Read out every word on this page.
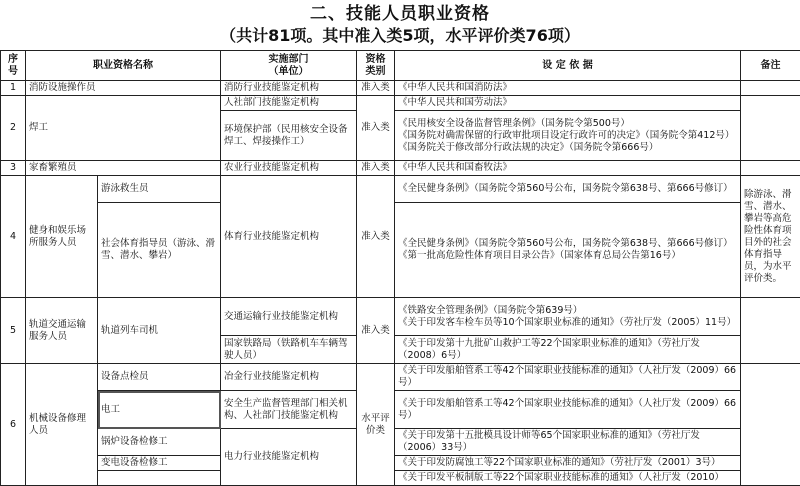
二、技能人员职业资格
（共计81项。其中准入类5项，水平评价类76项）
序号	职业资格名称		实施部门
（单位）	资格
类别	设 定 依 据	备注
1	消防设施操作员		消防行业技能鉴定机构	准入类	《中华人民共和国消防法》	
2	焊工		人社部门技能鉴定机构	准入类	《中华人民共和国劳动法》	
			环境保护部（民用核安全设备焊工、焊接操作工）		《民用核安全设备监督管理条例》（国务院令第500号）
《国务院对确需保留的行政审批项目设定行政许可的决定》（国务院令第412号）
《国务院关于修改部分行政法规的决定》（国务院令第666号）	

3	家畜繁殖员		农业行业技能鉴定机构	准入类	《中华人民共和国畜牧法》	
4	健身和娱乐场所服务人员	游泳救生员	体育行业技能鉴定机构	准入类	《全民健身条例》（国务院令第560号公布，国务院令第638号、第666号修订）	除游泳、滑雪、潜水、攀岩等高危险性体育项目外的社会体育指导员，为水平评价类。
		社会体育指导员（游泳、滑雪、潜水、攀岩）			《全民健身条例》（国务院令第560号公布，国务院令第638号、第666号修订）
《第一批高危险性体育项目目录公告》（国家体育总局公告第16号）	

5	轨道交通运输服务人员	轨道列车司机	交通运输行业技能鉴定机构	准入类	《铁路安全管理条例》（国务院令第639号）
《关于印发客车检车员等10个国家职业标准的通知》（劳社厅发（2005）11号）	

			国家铁路局（铁路机车车辆驾驶人员）		《关于印发第十九批矿山救护工等22个国家职业标准的通知》（劳社厅发（2008）6号）	
6	机械设备修理人员	设备点检员	冶金行业技能鉴定机构	水平评价类	《关于印发船舶管系工等42个国家职业技能标准的通知》（人社厅发（2009）66号）	
		电工	安全生产监督管理部门相关机构、人社部门技能鉴定机构		《关于印发船舶管系工等42个国家职业技能标准的通知》（人社厅发（2009）66号）	
		锅炉设备检修工	电力行业技能鉴定机构		《关于印发第十五批模具设计师等65个国家职业标准的通知》（劳社厅发（2006）33号）	
		变电设备检修工			《关于印发防腐蚀工等22个国家职业标准的通知》（劳社厅发（2001）3号）	
					《关于印发平板制版工等22个国家职业技能标准的通知》（人社厅发（2010）	
